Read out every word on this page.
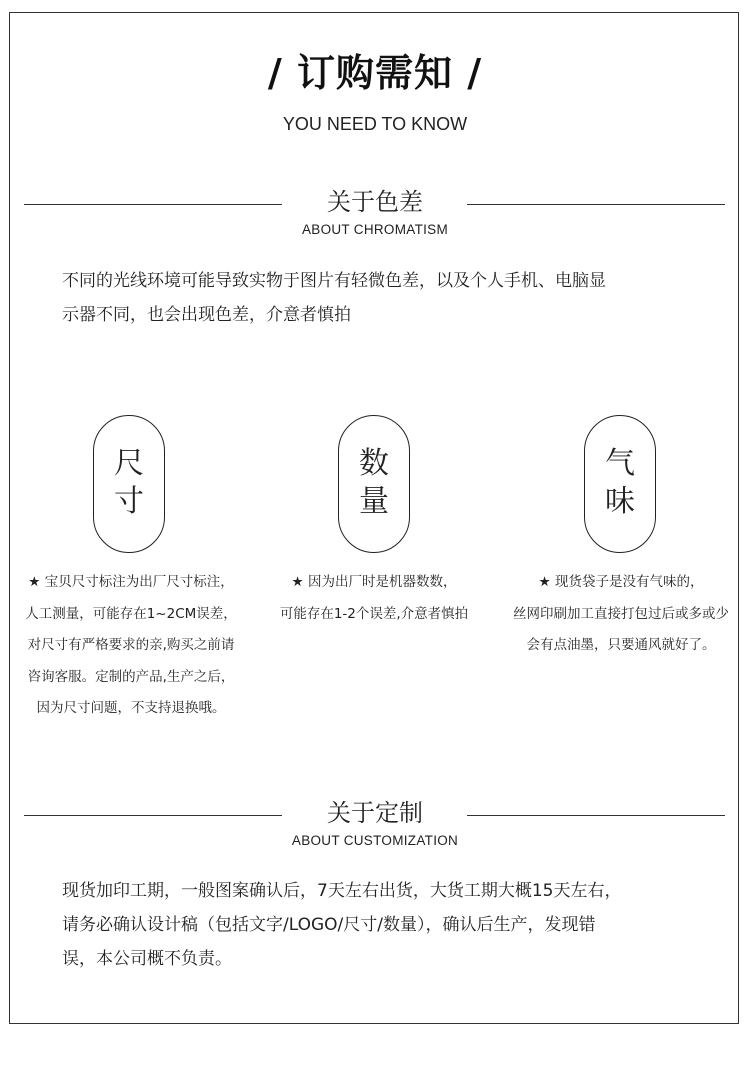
/ 订购需知 /
YOU NEED TO KNOW
关于色差
ABOUT CHROMATISM
不同的光线环境可能导致实物于图片有轻微色差，以及个人手机、电脑显
示器不同，也会出现色差，介意者慎拍
尺
寸
数
量
气
味
★ 宝贝尺寸标注为出厂尺寸标注，
人工测量，可能存在1~2CM误差，
对尺寸有严格要求的亲,购买之前请
咨询客服。定制的产品,生产之后，
因为尺寸问题，不支持退换哦。
★ 因为出厂时是机器数数，
可能存在1-2个误差,介意者慎拍
★ 现货袋子是没有气味的，
丝网印刷加工直接打包过后或多或少
会有点油墨，只要通风就好了。
关于定制
ABOUT CUSTOMIZATION
现货加印工期，一般图案确认后，7天左右出货，大货工期大概15天左右，
请务必确认设计稿（包括文字/LOGO/尺寸/数量），确认后生产，发现错
误，本公司概不负责。
